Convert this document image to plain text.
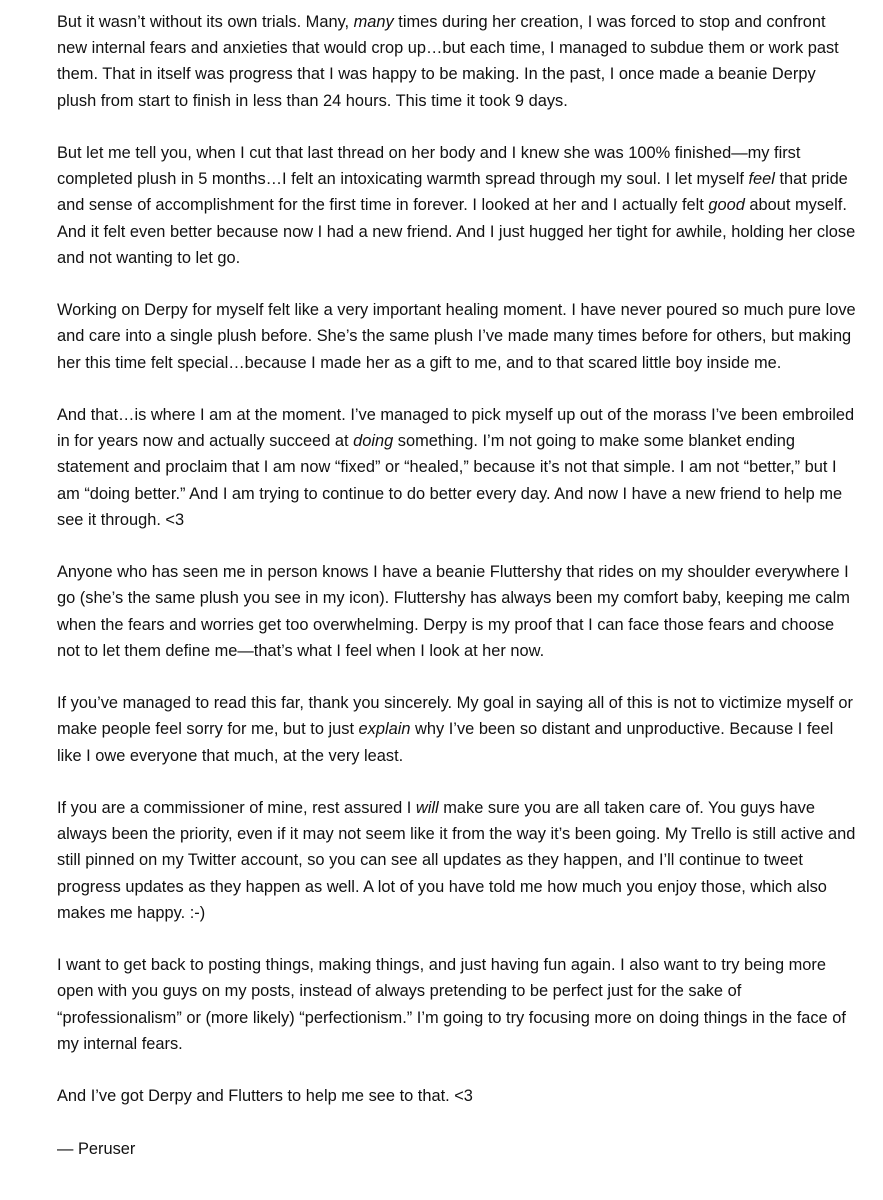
But it wasn’t without its own trials. Many, many times during her creation, I was forced to stop and confront new internal fears and anxieties that would crop up…but each time, I managed to subdue them or work past them. That in itself was progress that I was happy to be making. In the past, I once made a beanie Derpy plush from start to finish in less than 24 hours. This time it took 9 days.

But let me tell you, when I cut that last thread on her body and I knew she was 100% finished—my first completed plush in 5 months…I felt an intoxicating warmth spread through my soul. I let myself feel that pride and sense of accomplishment for the first time in forever. I looked at her and I actually felt good about myself. And it felt even better because now I had a new friend. And I just hugged her tight for awhile, holding her close and not wanting to let go.

Working on Derpy for myself felt like a very important healing moment. I have never poured so much pure love and care into a single plush before. She’s the same plush I’ve made many times before for others, but making her this time felt special…because I made her as a gift to me, and to that scared little boy inside me.

And that…is where I am at the moment. I’ve managed to pick myself up out of the morass I’ve been embroiled in for years now and actually succeed at doing something. I’m not going to make some blanket ending statement and proclaim that I am now “fixed” or “healed,” because it’s not that simple. I am not “better,” but I am “doing better.” And I am trying to continue to do better every day. And now I have a new friend to help me see it through. <3

Anyone who has seen me in person knows I have a beanie Fluttershy that rides on my shoulder everywhere I go (she’s the same plush you see in my icon). Fluttershy has always been my comfort baby, keeping me calm when the fears and worries get too overwhelming. Derpy is my proof that I can face those fears and choose not to let them define me—that’s what I feel when I look at her now.

If you’ve managed to read this far, thank you sincerely. My goal in saying all of this is not to victimize myself or make people feel sorry for me, but to just explain why I’ve been so distant and unproductive. Because I feel like I owe everyone that much, at the very least.

If you are a commissioner of mine, rest assured I will make sure you are all taken care of. You guys have always been the priority, even if it may not seem like it from the way it’s been going. My Trello is still active and still pinned on my Twitter account, so you can see all updates as they happen, and I’ll continue to tweet progress updates as they happen as well. A lot of you have told me how much you enjoy those, which also makes me happy. :-)

I want to get back to posting things, making things, and just having fun again. I also want to try being more open with you guys on my posts, instead of always pretending to be perfect just for the sake of “professionalism” or (more likely) “perfectionism.” I’m going to try focusing more on doing things in the face of my internal fears.

And I’ve got Derpy and Flutters to help me see to that. <3

— Peruser
